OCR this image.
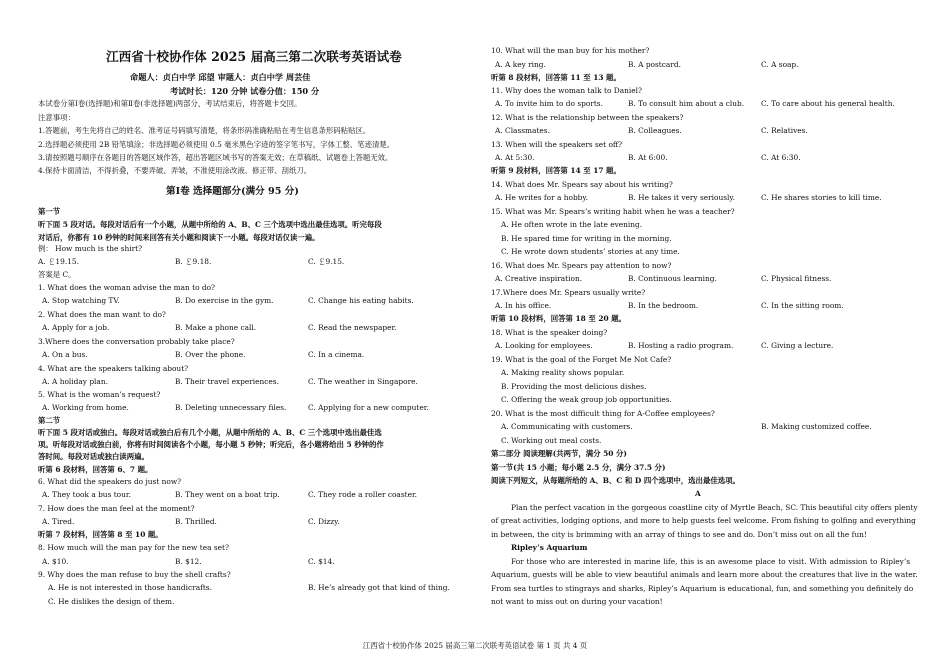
江西省十校协作体 2025 届高三第二次联考英语试卷
命题人：贞白中学 邱望 审题人：贞白中学 周芸佳
考试时长：120 分钟 试卷分值：150 分
本试卷分第Ⅰ卷(选择题)和第Ⅱ卷(非选择题)两部分，考试结束后，将答题卡交回。
注意事项：
1.答题前，考生先将自己的姓名、准考证号码填写清楚，将条形码准确粘贴在考生信息条形码粘贴区。
2.选择题必须使用 2B 铅笔填涂；非选择题必须使用 0.5 毫米黑色字迹的签字笔书写，字体工整、笔迹清楚。
3.请按照题号顺序在各题目的答题区域作答，超出答题区域书写的答案无效；在草稿纸、试题卷上答题无效。
4.保持卡面清洁，不得折叠，不要弄破、弄皱，不准使用涂改液、修正带、刮纸刀。
第Ⅰ卷 选择题部分(满分 95 分)
第一节
听下面 5 段对话。每段对话后有一个小题，从题中所给的 A、B、C 三个选项中选出最佳选项。听完每段
对话后，你都有 10 秒钟的时间来回答有关小题和阅读下一小题。每段对话仅读一遍。
例： How much is the shirt?
A. ￡19.15.	B. ￡9.18.	C. ￡9.15.
答案是 C。
1. What does the woman advise the man to do?
A. Stop watching TV.	B. Do exercise in the gym.	C. Change his eating habits.
2. What does the man want to do?
A. Apply for a job.	B. Make a phone call.	C. Read the newspaper.
3.Where does the conversation probably take place?
A. On a bus.	B. Over the phone.	C. In a cinema.
4. What are the speakers talking about?
A. A holiday plan.	B. Their travel experiences.	C. The weather in Singapore.
5. What is the woman’s request?
A. Working from home.	B. Deleting unnecessary files.	C. Applying for a new computer.
第二节
听下面 5 段对话或独白。每段对话或独白后有几个小题，从题中所给的 A、B、C 三个选项中选出最佳选
项。听每段对话或独白前，你将有时间阅读各个小题，每小题 5 秒钟；听完后，各小题将给出 5 秒钟的作
答时间。每段对话或独白读两遍。
听第 6 段材料，回答第 6、7 题。
6. What did the speakers do just now?
A. They took a bus tour.	B. They went on a boat trip.	C. They rode a roller coaster.
7. How does the man feel at the moment?
A. Tired.	B. Thrilled.	C. Dizzy.
听第 7 段材料，回答第 8 至 10 题。
8. How much will the man pay for the new tea set?
A. $10.	B. $12.	C. $14.
9. Why does the man refuse to buy the shell crafts?
A. He is not interested in those handicrafts.	B. He’s already got that kind of thing.
C. He dislikes the design of them.
10. What will the man buy for his mother?
A. A key ring.	B. A postcard.	C. A soap.
听第 8 段材料，回答第 11 至 13 题。
11. Why does the woman talk to Daniel?
A. To invite him to do sports.	B. To consult him about a club. C. To care about his general health.
12. What is the relationship between the speakers?
A. Classmates.	B. Colleagues.	C. Relatives.
13. When will the speakers set off?
A. At 5:30.	B. At 6:00.	C. At 6:30.
听第 9 段材料，回答第 14 至 17 题。
14. What does Mr. Spears say about his writing?
A. He writes for a hobby.	B. He takes it very seriously.	C. He shares stories to kill time.
15. What was Mr. Spears’s writing habit when he was a teacher?
A. He often wrote in the late evening.
B. He spared time for writing in the morning.
C. He wrote down students’ stories at any time.
16. What does Mr. Spears pay attention to now?
A. Creative inspiration.	B. Continuous learning.	C. Physical fitness.
17.Where does Mr. Spears usually write?
A. In his office.	B. In the bedroom.	C. In the sitting room.
听第 10 段材料，回答第 18 至 20 题。
18. What is the speaker doing?
A. Looking for employees.	B. Hosting a radio program.	C. Giving a lecture.
19. What is the goal of the Forget Me Not Cafe?
A. Making reality shows popular.
B. Providing the most delicious dishes.
C. Offering the weak group job opportunities.
20. What is the most difficult thing for A-Coffee employees?
A. Communicating with customers.	B. Making customized coffee.
C. Working out meal costs.
第二部分 阅读理解(共两节，满分 50 分)
第一节(共 15 小题；每小题 2.5 分，满分 37.5 分)
阅读下列短文，从每题所给的 A、B、C 和 D 四个选项中，选出最佳选项。
A
Plan the perfect vacation in the gorgeous coastline city of Myrtle Beach, SC. This beautiful city offers plenty
of great activities, lodging options, and more to help guests feel welcome. From fishing to golfing and everything
in between, the city is brimming with an array of things to see and do. Don’t miss out on all the fun!
Ripley’s Aquarium
For those who are interested in marine life, this is an awesome place to visit. With admission to Ripley’s
Aquarium, guests will be able to view beautiful animals and learn more about the creatures that live in the water.
From sea turtles to stingrays and sharks, Ripley’s Aquarium is educational, fun, and something you definitely do
not want to miss out on during your vacation!
江西省十校协作体 2025 届高三第二次联考英语试卷 第 1 页 共 4 页
